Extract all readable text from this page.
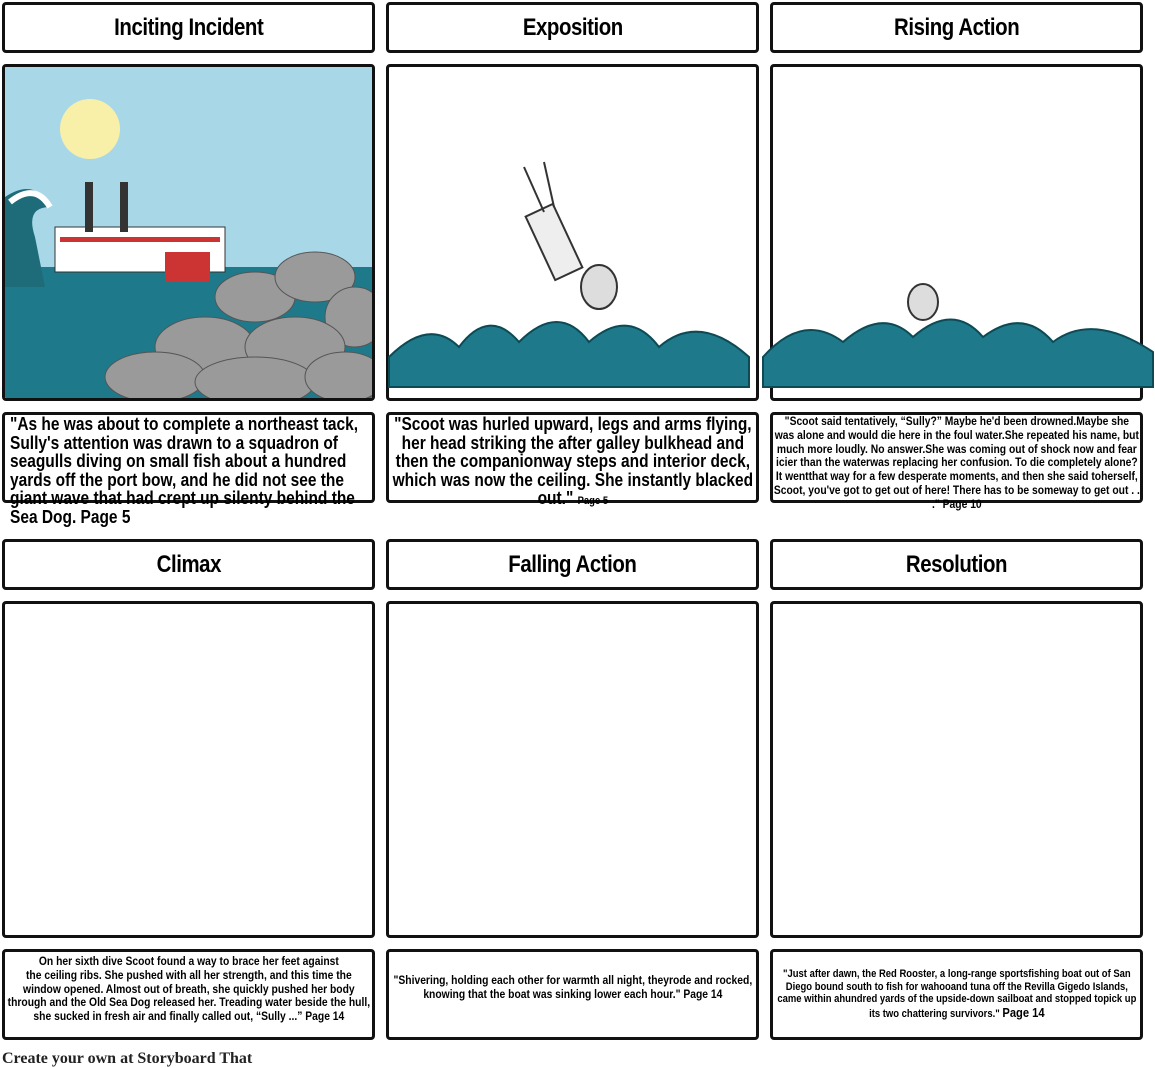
Inciting Incident	Exposition	Rising Action

"As he was about to complete a northeast tack, Sully's attention was drawn to a squadron of seagulls diving on small fish about a hundred yards off the port bow, and he did not see the giant wave that had crept up silenty behind the Sea Dog. Page 5

"Scoot was hurled upward, legs and arms flying, her head striking the after galley bulkhead and then the companionway steps and interior deck, which was now the ceiling. She instantly blacked out." Page 5

"Scoot said tentatively, “Sully?” Maybe he'd been drowned.Maybe she was alone and would die here in the foul water.She repeated his name, but much more loudly. No answer.She was coming out of shock now and fear icier than the waterwas replacing her confusion. To die completely alone? It wentthat way for a few desperate moments, and then she said toherself, Scoot, you've got to get out of here! There has to be someway to get out . . ." Page 10

Climax	Falling Action	Resolution

On her sixth dive Scoot found a way to brace her feet against
the ceiling ribs. She pushed with all her strength, and this time the window opened. Almost out of breath, she quickly pushed her body through and the Old Sea Dog released her. Treading water beside the hull, she sucked in fresh air and finally called out, “Sully ...” Page 14

"Shivering, holding each other for warmth all night, theyrode and rocked, knowing that the boat was sinking lower each hour." Page 14

"Just after dawn, the Red Rooster, a long-range sportsfishing boat out of San Diego bound south to fish for wahooand tuna off the Revilla Gigedo Islands, came within ahundred yards of the upside-down sailboat and stopped topick up its two chattering survivors." Page 14

Create your own at Storyboard That
